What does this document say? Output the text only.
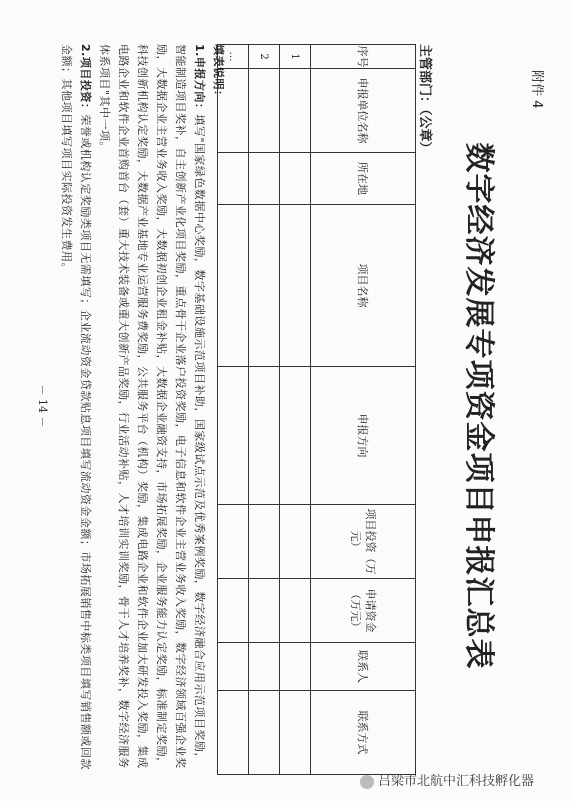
附件 4
数字经济发展专项资金项目申报汇总表
主管部门：（公章）
序号	申报单位名称	所在地	项目名称	申报方向	项目投资（万元）	申请资金（万元）	联系人	联系方式
1								
2								
…								
填表说明：
1.申报方向：填写"国家绿色数据中心奖励，数字基础设施示范项目补助，国家级试点示范及优秀案例奖励，数字经济融合应用示范项目奖励，智能制造项目奖补，自主创新产业化项目奖励，重点骨干企业落户投资奖励，电子信息和软件企业主营业务收入奖励，数字经济领域百强企业奖励，大数据企业主营业务收入奖励，大数据初创企业租金补贴，大数据企业融资支持，市场拓展奖励，企业服务能力认定奖励，标准制定奖励，科技创新机构认定奖励，大数据产业基地专业运营服务费奖励，公共服务平台（机构）奖励，集成电路企业和软件企业加大研发投入奖励，集成电路企业和软件企业首购首台（套）重大技术装备或重大创新产品奖励，行业活动补贴，人才培训实训奖励，骨干人才培养奖补，数字经济服务体系项目"其中一项。
2.项目投资：荣誉或机构认定奖励类项目无需填写；企业流动资金贷款贴息项目填写流动资金金额；市场拓展销售中标类项目填写销售额或回款金额；其他项目填写项目实际投资发生费用。
－ 14 －
吕梁市北航中汇科技孵化器
